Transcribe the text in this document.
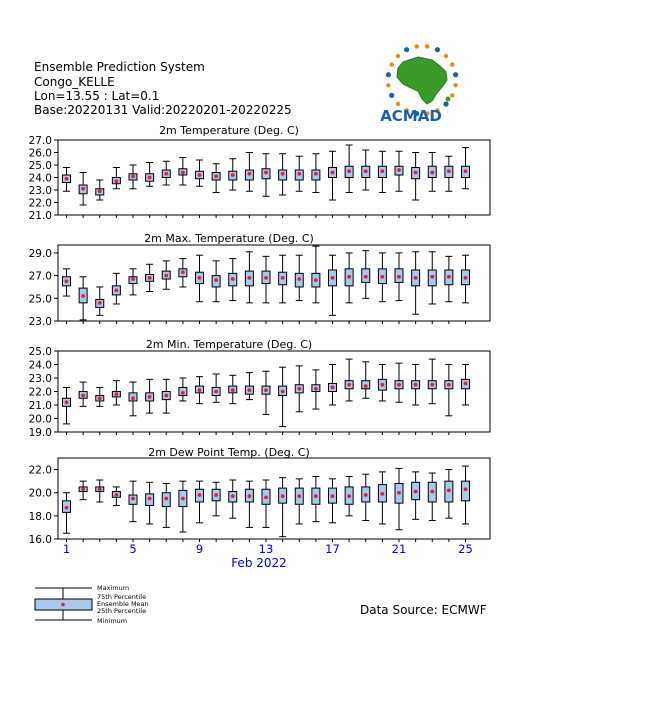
Ensemble Prediction System
Congo_KELLE
Lon=13.55 : Lat=0.1
Base:20220131 Valid:20220201-20220225	ACMAD
2m Temperature (Deg. C)
27.0
26.0
25.0
24.0
23.0
22.0
21.0
2m Max. Temperature (Deg. C)
29.0
27.0
25.0
23.0
2m Min. Temperature (Deg. C)
25.0
24.0
23.0
22.0
21.0
20.0
19.0
2m Dew Point Temp. (Deg. C)
22.0
20.0
18.0
16.0
1	5	9	13	17	21	25
Feb 2022
Maximum
75th Percentile
Ensemble Mean
25th Percentile
Minimum
Data Source: ECMWF
